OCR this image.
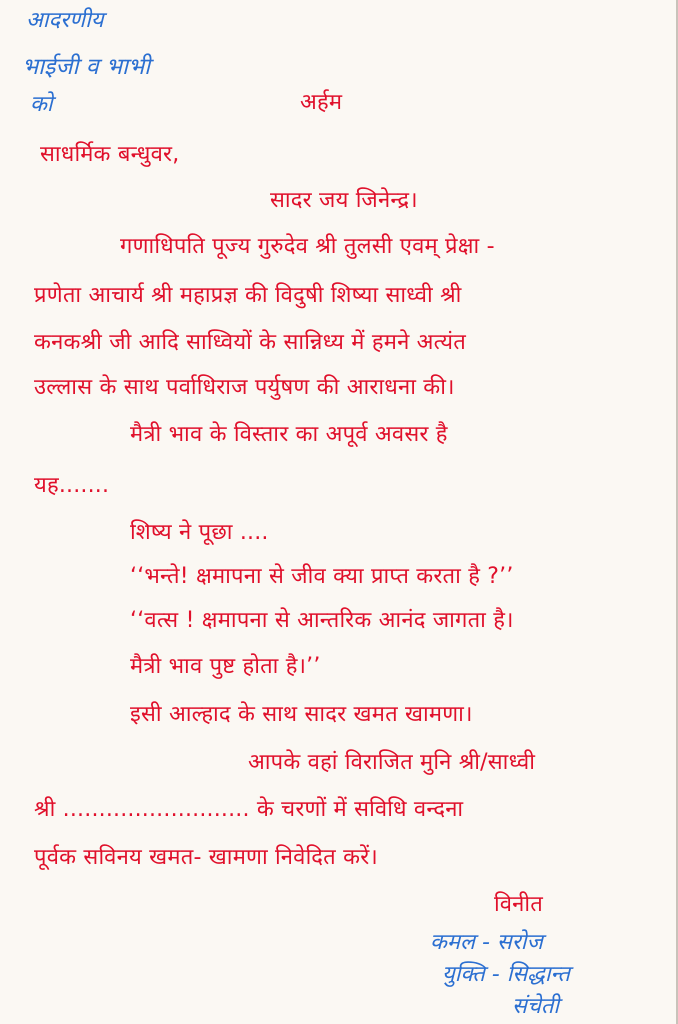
आदरणीय
भाईजी व भाभी
को	अर्हम
साधर्मिक बन्धुवर,
सादर जय जिनेन्द्र।
गणाधिपति पूज्य गुरुदेव श्री तुलसी एवम् प्रेक्षा -
प्रणेता आचार्य श्री महाप्रज्ञ की विदुषी शिष्या साध्वी श्री
कनकश्री जी आदि साध्वियों के सान्निध्य में हमने अत्यंत
उल्लास के साथ पर्वाधिराज पर्युषण की आराधना की।
मैत्री भाव के विस्तार का अपूर्व अवसर है
यह.......
शिष्य ने पूछा ....
‘‘भन्ते! क्षमापना से जीव क्या प्राप्त करता है ?’’
‘‘वत्स ! क्षमापना से आन्तरिक आनंद जागता है।
मैत्री भाव पुष्ट होता है।’’
इसी आल्हाद के साथ सादर खमत खामणा।
आपके वहां विराजित मुनि श्री/साध्वी
श्री .......................... के चरणों में सविधि वन्दना
पूर्वक सविनय खमत- खामणा निवेदित करें।
विनीत
कमल - सरोज
युक्ति - सिद्धान्त
संचेती
